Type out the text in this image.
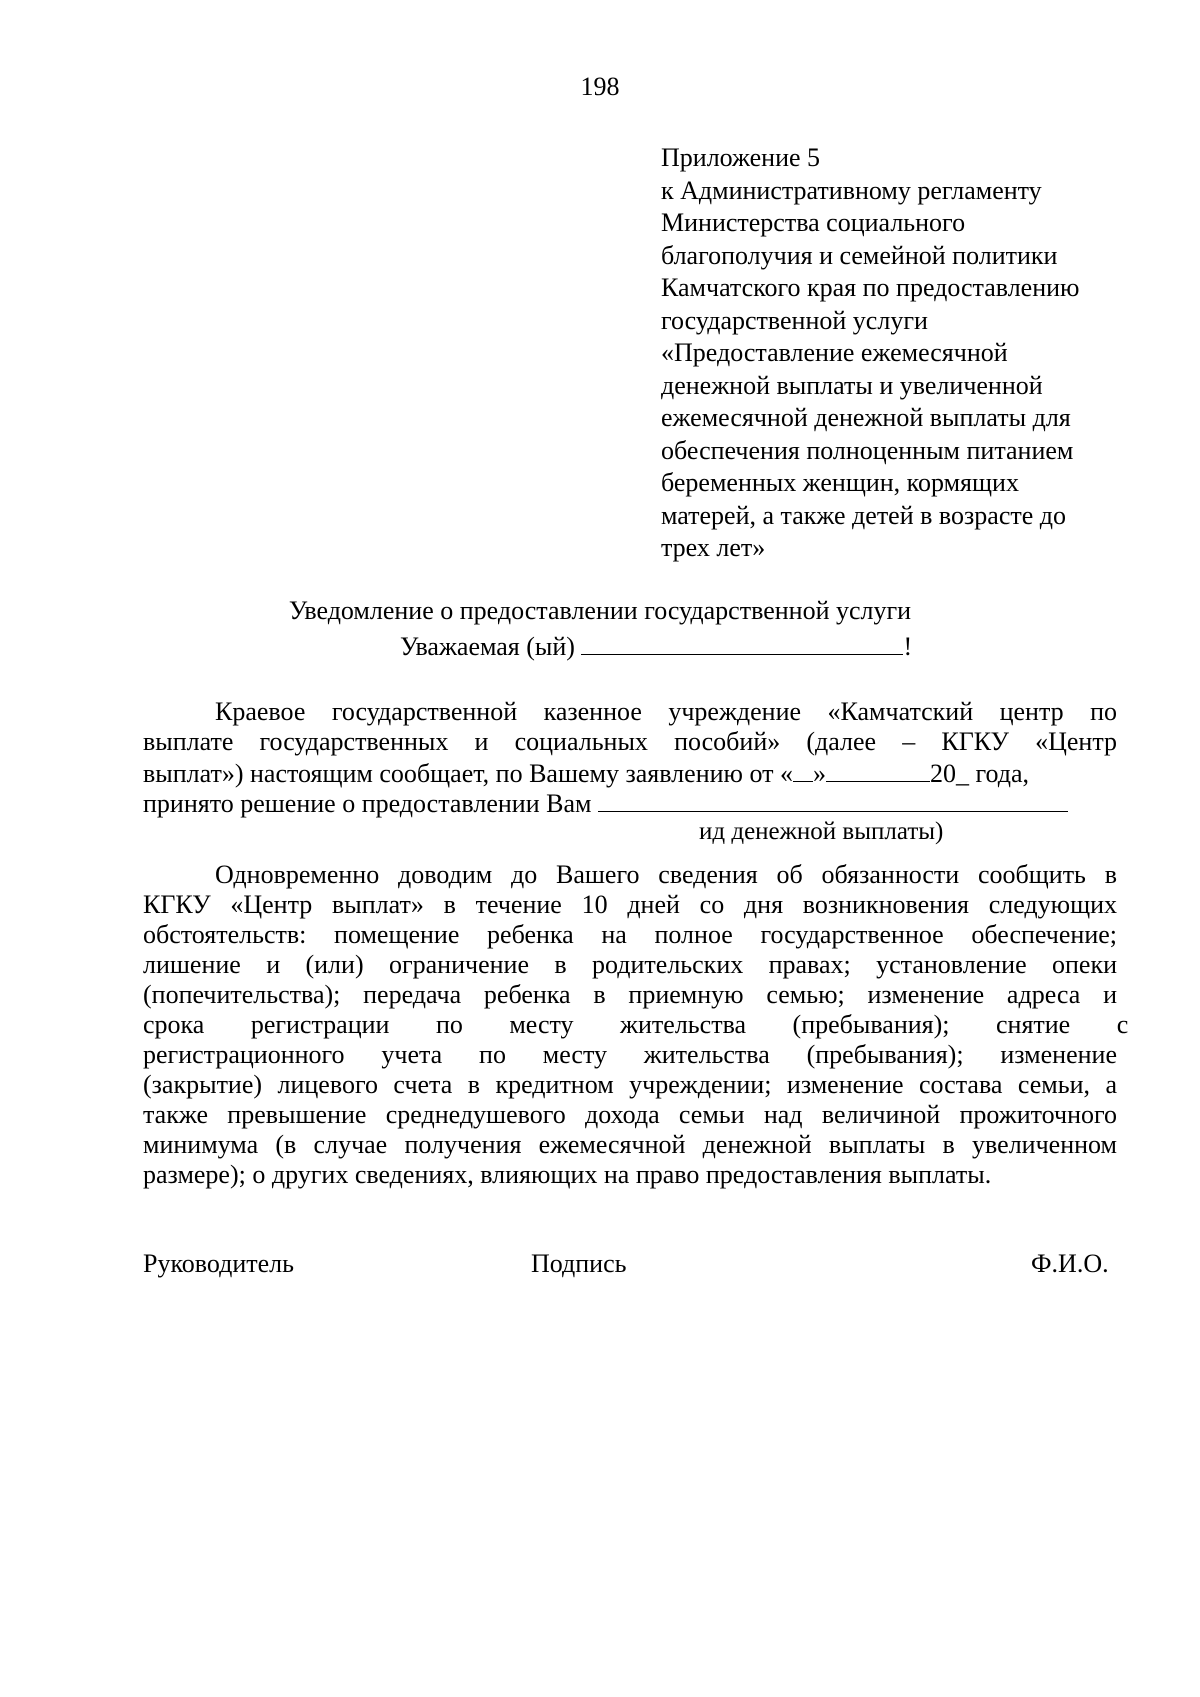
198
Приложение 5
к Административному регламенту
Министерства социального
благополучия и семейной политики
Камчатского края по предоставлению
государственной услуги
«Предоставление ежемесячной
денежной выплаты и увеличенной
ежемесячной денежной выплаты для
обеспечения полноценным питанием
беременных женщин, кормящих
матерей, а также детей в возрасте до
трех лет»
Уведомление о предоставлении государственной услуги
Уважаемая (ый)	!
Краевое государственной казенное учреждение «Камчатский центр по
выплате государственных и социальных пособий» (далее – КГКУ «Центр
выплат») настоящим сообщает, по Вашему заявлению от « »	20_ года,
принято решение о предоставлении Вам
ид денежной выплаты)
Одновременно доводим до Вашего сведения об обязанности сообщить в
КГКУ «Центр выплат» в течение 10 дней со дня возникновения следующих
обстоятельств: помещение ребенка на полное государственное обеспечение;
лишение и (или) ограничение в родительских правах; установление опеки
(попечительства); передача ребенка в приемную семью; изменение адреса и
срока регистрации по месту жительства (пребывания); снятие с
регистрационного учета по месту жительства (пребывания); изменение
(закрытие) лицевого счета в кредитном учреждении; изменение состава семьи, а
также превышение среднедушевого дохода семьи над величиной прожиточного
минимума (в случае получения ежемесячной денежной выплаты в увеличенном
размере); о других сведениях, влияющих на право предоставления выплаты.
Руководитель	Подпись	Ф.И.О.
